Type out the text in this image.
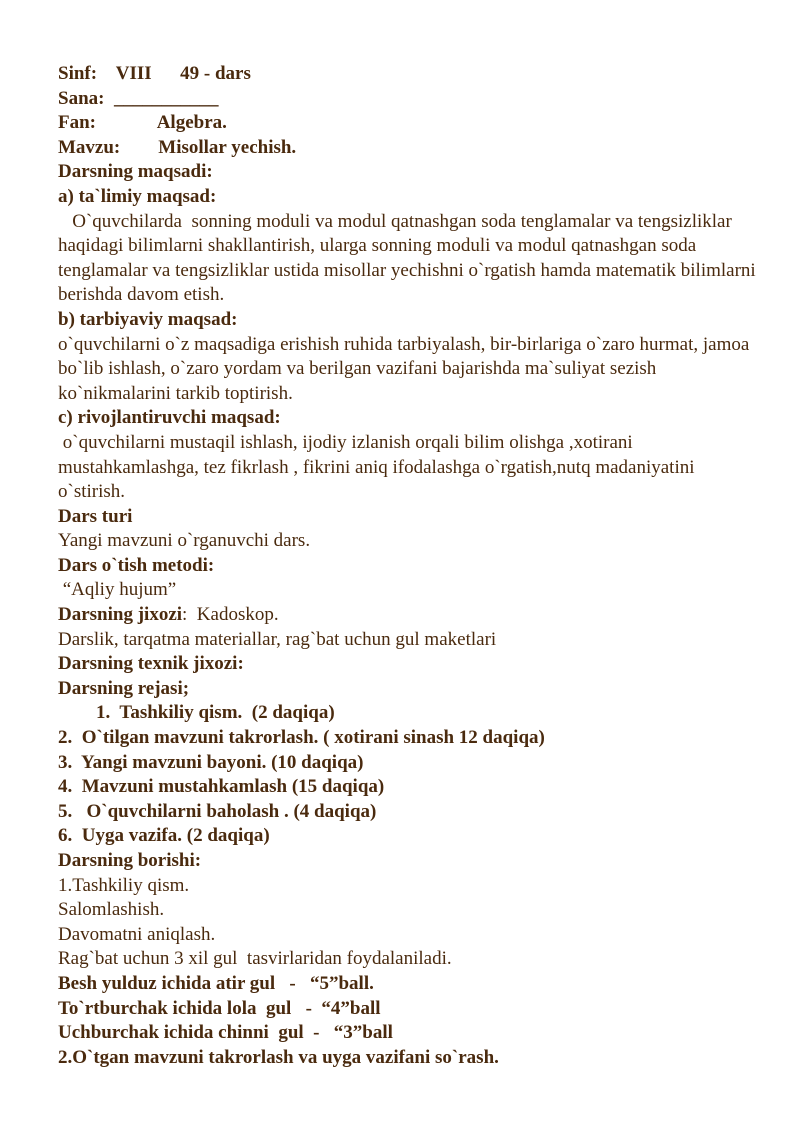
Sinf:    VIII      49 - dars

Sana:  ___________

Fan:             Algebra.

Mavzu:        Misollar yechish.

Darsning maqsadi:

a) ta`limiy maqsad:

O`quvchilarda  sonning moduli va modul qatnashgan soda tenglamalar va tengsizliklar haqidagi bilimlarni shakllantirish, ularga sonning moduli va modul qatnashgan soda tenglamalar va tengsizliklar ustida misollar yechishni o`rgatish hamda matematik bilimlarni berishda davom etish.

b) tarbiyaviy maqsad:

o`quvchilarni o`z maqsadiga erishish ruhida tarbiyalash, bir-birlariga o`zaro hurmat, jamoa bo`lib ishlash, o`zaro yordam va berilgan vazifani bajarishda ma`suliyat sezish ko`nikmalarini tarkib toptirish.

c) rivojlantiruvchi maqsad:

o`quvchilarni mustaqil ishlash, ijodiy izlanish orqali bilim olishga ,xotirani mustahkamlashga, tez fikrlash , fikrini aniq ifodalashga o`rgatish,nutq madaniyatini o`stirish.

Dars turi

Yangi mavzuni o`rganuvchi dars.

Dars o`tish metodi:

“Aqliy hujum”

Darsning jixozi:  Kadoskop.

Darslik, tarqatma materiallar, rag`bat uchun gul maketlari

Darsning texnik jixozi:

Darsning rejasi;

1.  Tashkiliy qism.  (2 daqiqa)

2.  O`tilgan mavzuni takrorlash. ( xotirani sinash 12 daqiqa)

3.  Yangi mavzuni bayoni. (10 daqiqa)

4.  Mavzuni mustahkamlash (15 daqiqa)

5.   O`quvchilarni baholash . (4 daqiqa)

6.  Uyga vazifa. (2 daqiqa)

Darsning borishi:

1.Tashkiliy qism.

Salomlashish.

Davomatni aniqlash.

Rag`bat uchun 3 xil gul  tasvirlaridan foydalaniladi.

Besh yulduz ichida atir gul   -   “5”ball.

To`rtburchak ichida lola  gul   -  “4”ball

Uchburchak ichida chinni  gul  -   “3”ball

2.O`tgan mavzuni takrorlash va uyga vazifani so`rash.
